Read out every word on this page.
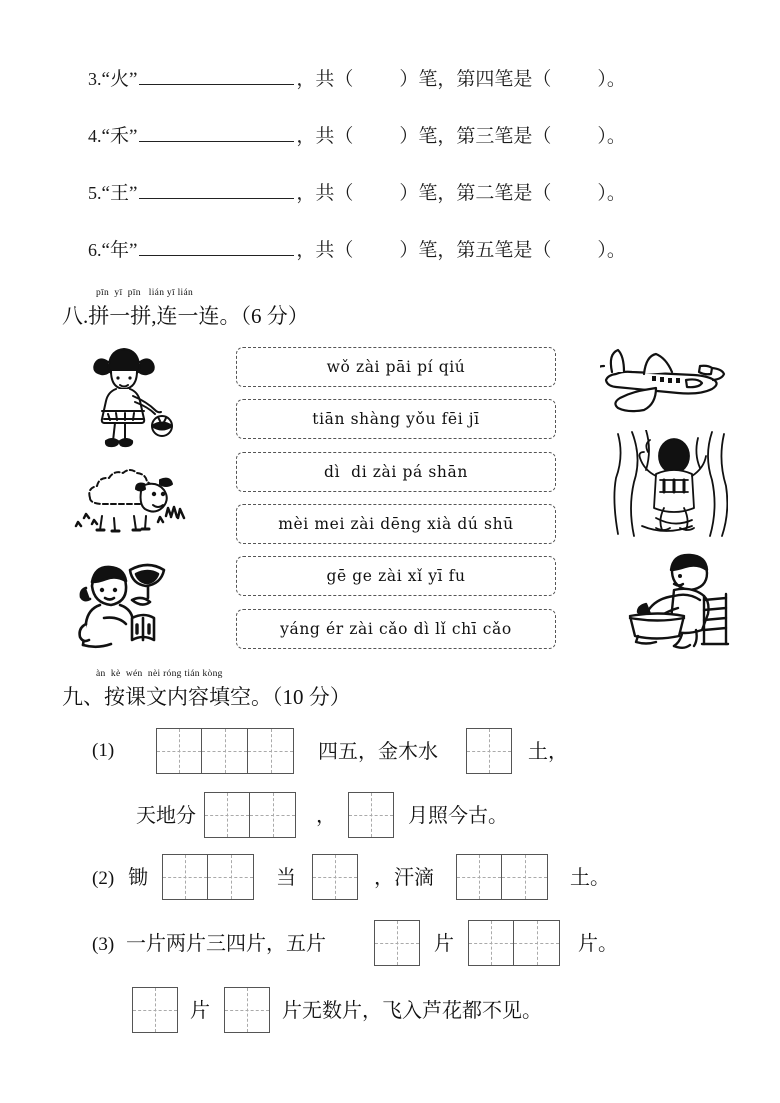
3. “ 火 ”	，共（ ）笔，第四笔是（ ）。
4. “ 禾 ”	，共（ ）笔，第三笔是（ ）。
5. “ 王 ”	，共（ ）笔，第二笔是（ ）。
6. “ 年 ”	，共（ ）笔，第五笔是（ ）。
pīn  yī  pīn   lián yī lián
八.拼一拼,连一连。（6 分）
wǒ zài pāi pí qiú
tiān shàng yǒu fēi jī
dì  di zài pá shān
mèi mei zài dēng xià dú shū
gē ge zài xǐ yī fu
yáng ér zài cǎo dì lǐ chī cǎo
àn  kè  wén  nèi róng tián kòng
九、按课文内容填空。（10 分）
(1)	四五，金木水	土，
天地分	，	月照今古。
(2) 锄	当	，汗滴	土。
(3) 一片两片三四片，五片	片	片。
片	片无数片，飞入芦花都不见。
